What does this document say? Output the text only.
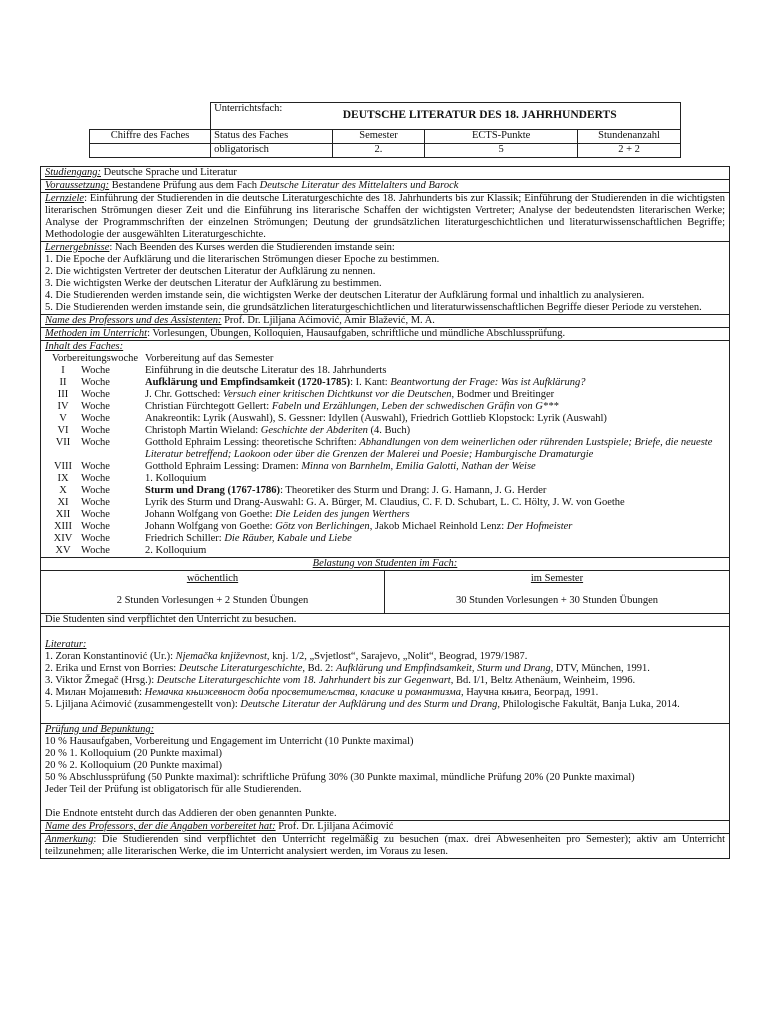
	Unterrichtsfach:
DEUTSCHE LITERATUR DES 18. JAHRHUNDERTS			

Chiffre des Faches	Status des Faches	Semester	ECTS-Punkte	Stundenanzahl
	obligatorisch	2.	5	2 + 2
Studiengang: Deutsche Sprache und Literatur
Voraussetzung: Bestandene Prüfung aus dem Fach Deutsche Literatur des Mittelalters und Barock
Lernziele: Einführung der Studierenden in die deutsche Literaturgeschichte des 18. Jahrhunderts bis zur Klassik; Einführung der Studierenden in die wichtigsten literarischen Strömungen dieser Zeit und die Einführung ins literarische Schaffen der wichtigsten Vertreter; Analyse der bedeutendsten literarischen Werke; Analyse der Programmschriften der einzelnen Strömungen; Deutung der grundsätzlichen literaturgeschichtlichen und literaturwissenschaftlichen Begriffe; Methodologie der ausgewählten Literaturgeschichte.

Lernergebnisse: Nach Beenden des Kurses werden die Studierenden imstande sein:
1. Die Epoche der Aufklärung und die literarischen Strömungen dieser Epoche zu bestimmen.
2. Die wichtigsten Vertreter der deutschen Literatur der Aufklärung zu nennen.
3. Die wichtigsten Werke der deutschen Literatur der Aufklärung zu bestimmen.
4. Die Studierenden werden imstande sein, die wichtigsten Werke der deutschen Literatur der Aufklärung formal und inhaltlich zu analysieren.
5. Die Studierenden werden imstande sein, die grundsätzlichen literaturgeschichtlichen und literaturwissenschaftlichen Begriffe dieser Periode zu verstehen.

Name des Professors und des Assistenten: Prof. Dr. Ljiljana Aćimović, Amir Blažević, M. A.
Methoden im Unterricht: Vorlesungen, Übungen, Kolloquien, Hausaufgaben, schriftliche und mündliche Abschlussprüfung.

Inhalt des Faches:
Vorbereitungswoche Vorbereitung auf das Semester
I	Woche	Einführung in die deutsche Literatur des 18. Jahrhunderts
II	Woche	Aufklärung und Empfindsamkeit (1720-1785): I. Kant: Beantwortung der Frage: Was ist Aufklärung?
III	Woche	J. Chr. Gottsched: Versuch einer kritischen Dichtkunst vor die Deutschen, Bodmer und Breitinger
IV	Woche	Christian Fürchtegott Gellert: Fabeln und Erzählungen, Leben der schwedischen Gräfin von G***
V	Woche	Anakreontik: Lyrik (Auswahl), S. Gessner: Idyllen (Auswahl), Friedrich Gottlieb Klopstock: Lyrik (Auswahl)
VI	Woche	Christoph Martin Wieland: Geschichte der Abderiten (4. Buch)
VII	Woche	Gotthold Ephraim Lessing: theoretische Schriften: Abhandlungen von dem weinerlichen oder rührenden Lustspiele; Briefe, die neueste Literatur betreffend; Laokoon oder über die Grenzen der Malerei und Poesie; Hamburgische Dramaturgie
VIII Woche	Gotthold Ephraim Lessing: Dramen: Minna von Barnhelm, Emilia Galotti, Nathan der Weise
IX	Woche	1. Kolloquium
X	Woche	Sturm und Drang (1767-1786): Theoretiker des Sturm und Drang: J. G. Hamann, J. G. Herder
XI	Woche	Lyrik des Sturm und Drang-Auswahl: G. A. Bürger, M. Claudius, C. F. D. Schubart, L. C. Hölty, J. W. von Goethe
XII	Woche	Johann Wolfgang von Goethe: Die Leiden des jungen Werthers
XIII Woche	Johann Wolfgang von Goethe: Götz von Berlichingen, Jakob Michael Reinhold Lenz: Der Hofmeister
XIV Woche	Friedrich Schiller: Die Räuber, Kabale und Liebe
XV Woche	2. Kolloquium

Belastung von Studenten im Fach:
wöchentlich
2 Stunden Vorlesungen + 2 Stunden Übungen
im Semester
30 Stunden Vorlesungen + 30 Stunden Übungen

Die Studenten sind verpflichtet den Unterricht zu besuchen.

Literatur:
1. Zoran Konstantinović (Ur.): Njemačka književnost, knj. 1/2, „Svjetlost“, Sarajevo, „Nolit“, Beograd, 1979/1987.
2. Erika und Ernst von Borries: Deutsche Literaturgeschichte, Bd. 2: Aufklärung und Empfindsamkeit, Sturm und Drang, DTV, München, 1991.
3. Viktor Žmegač (Hrsg.): Deutsche Literaturgeschichte vom 18. Jahrhundert bis zur Gegenwart, Bd. I/1, Beltz Athenäum, Weinheim, 1996.
4. Милан Мојашевић: Немачка књижевност доба просветитељства, класике и романтизма, Научна књига, Београд, 1991.
5. Ljiljana Aćimović (zusammengestellt von): Deutsche Literatur der Aufklärung und des Sturm und Drang, Philologische Fakultät, Banja Luka, 2014.

Prüfung und Bepunktung:
10 % Hausaufgaben, Vorbereitung und Engagement im Unterricht (10 Punkte maximal)
20 % 1. Kolloquium (20 Punkte maximal)
20 % 2. Kolloquium (20 Punkte maximal)
50 % Abschlussprüfung (50 Punkte maximal): schriftliche Prüfung 30% (30 Punkte maximal, mündliche Prüfung 20% (20 Punkte maximal)
Jeder Teil der Prüfung ist obligatorisch für alle Studierenden.
Die Endnote entsteht durch das Addieren der oben genannten Punkte.

Name des Professors, der die Angaben vorbereitet hat: Prof. Dr. Ljiljana Aćimović
Anmerkung: Die Studierenden sind verpflichtet den Unterricht regelmäßig zu besuchen (max. drei Abwesenheiten pro Semester); aktiv am Unterricht teilzunehmen; alle literarischen Werke, die im Unterricht analysiert werden, im Voraus zu lesen.
